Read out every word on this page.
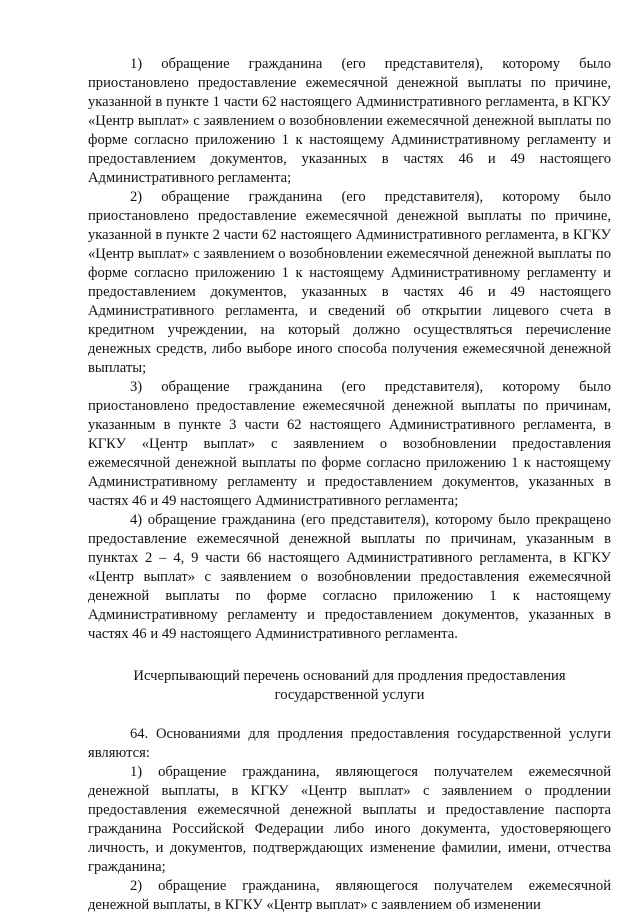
1) обращение гражданина (его представителя), которому было приостановлено предоставление ежемесячной денежной выплаты по причине, указанной в пункте 1 части 62 настоящего Административного регламента, в КГКУ «Центр выплат» с заявлением о возобновлении ежемесячной денежной выплаты по форме согласно приложению 1 к настоящему Административному регламенту и предоставлением документов, указанных в частях 46 и 49 настоящего Административного регламента;

2) обращение гражданина (его представителя), которому было приостановлено предоставление ежемесячной денежной выплаты по причине, указанной в пункте 2 части 62 настоящего Административного регламента, в КГКУ «Центр выплат» с заявлением о возобновлении ежемесячной денежной выплаты по форме согласно приложению 1 к настоящему Административному регламенту и предоставлением документов, указанных в частях 46 и 49 настоящего Административного регламента, и сведений об открытии лицевого счета в кредитном учреждении, на который должно осуществляться перечисление денежных средств, либо выборе иного способа получения ежемесячной денежной выплаты;

3) обращение гражданина (его представителя), которому было приостановлено предоставление ежемесячной денежной выплаты по причинам, указанным в пункте 3 части 62 настоящего Административного регламента, в КГКУ «Центр выплат» с заявлением о возобновлении предоставления ежемесячной денежной выплаты по форме согласно приложению 1 к настоящему Административному регламенту и предоставлением документов, указанных в частях 46 и 49 настоящего Административного регламента;

4) обращение гражданина (его представителя), которому было прекращено предоставление ежемесячной денежной выплаты по причинам, указанным в пунктах 2 – 4, 9 части 66 настоящего Административного регламента, в КГКУ «Центр выплат» с заявлением о возобновлении предоставления ежемесячной денежной выплаты по форме согласно приложению 1 к настоящему Административному регламенту и предоставлением документов, указанных в частях 46 и 49 настоящего Административного регламента.

Исчерпывающий перечень оснований для продления предоставления
государственной услуги

64. Основаниями для продления предоставления государственной услуги являются:

1) обращение гражданина, являющегося получателем ежемесячной денежной выплаты, в КГКУ «Центр выплат» с заявлением о продлении предоставления ежемесячной денежной выплаты и предоставление паспорта гражданина Российской Федерации либо иного документа, удостоверяющего личность, и документов, подтверждающих изменение фамилии, имени, отчества гражданина;

2) обращение гражданина, являющегося получателем ежемесячной денежной выплаты, в КГКУ «Центр выплат» с заявлением об изменении
